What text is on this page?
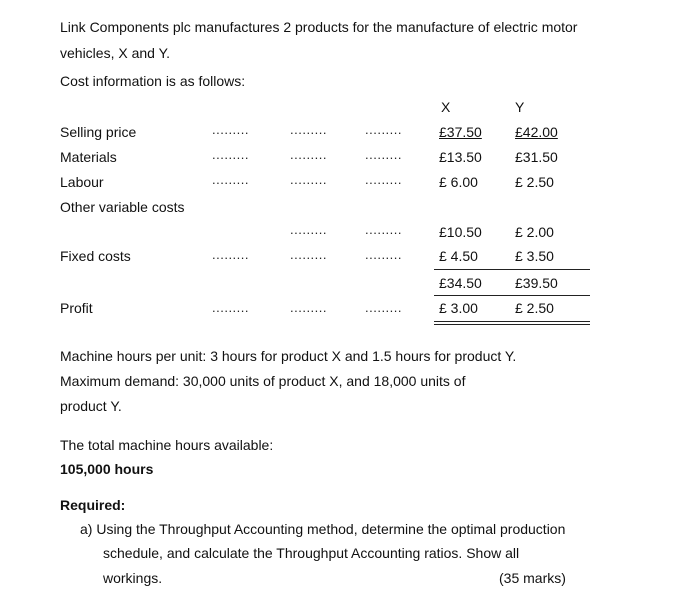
Link Components plc manufactures 2 products for the manufacture of electric motor
vehicles, X and Y.
Cost information is as follows:
X	Y
Selling price	.........	.........	.........	£37.50 £42.00
Materials	.........	.........	.........	£13.50 £31.50
Labour	.........	.........	.........	£ 6.00	£ 2.50
Other variable costs
.........	.........	£10.50 £ 2.00
Fixed costs	.........	.........	.........	£ 4.50	£ 3.50
£34.50 £39.50
Profit	.........	.........	.........	£ 3.00	£ 2.50
Machine hours per unit: 3 hours for product X and 1.5 hours for product Y.
Maximum demand: 30,000 units of product X, and 18,000 units of
product Y.
The total machine hours available:
105,000 hours
Required:
a) Using the Throughput Accounting method, determine the optimal production
schedule, and calculate the Throughput Accounting ratios. Show all
workings.	(35 marks)
